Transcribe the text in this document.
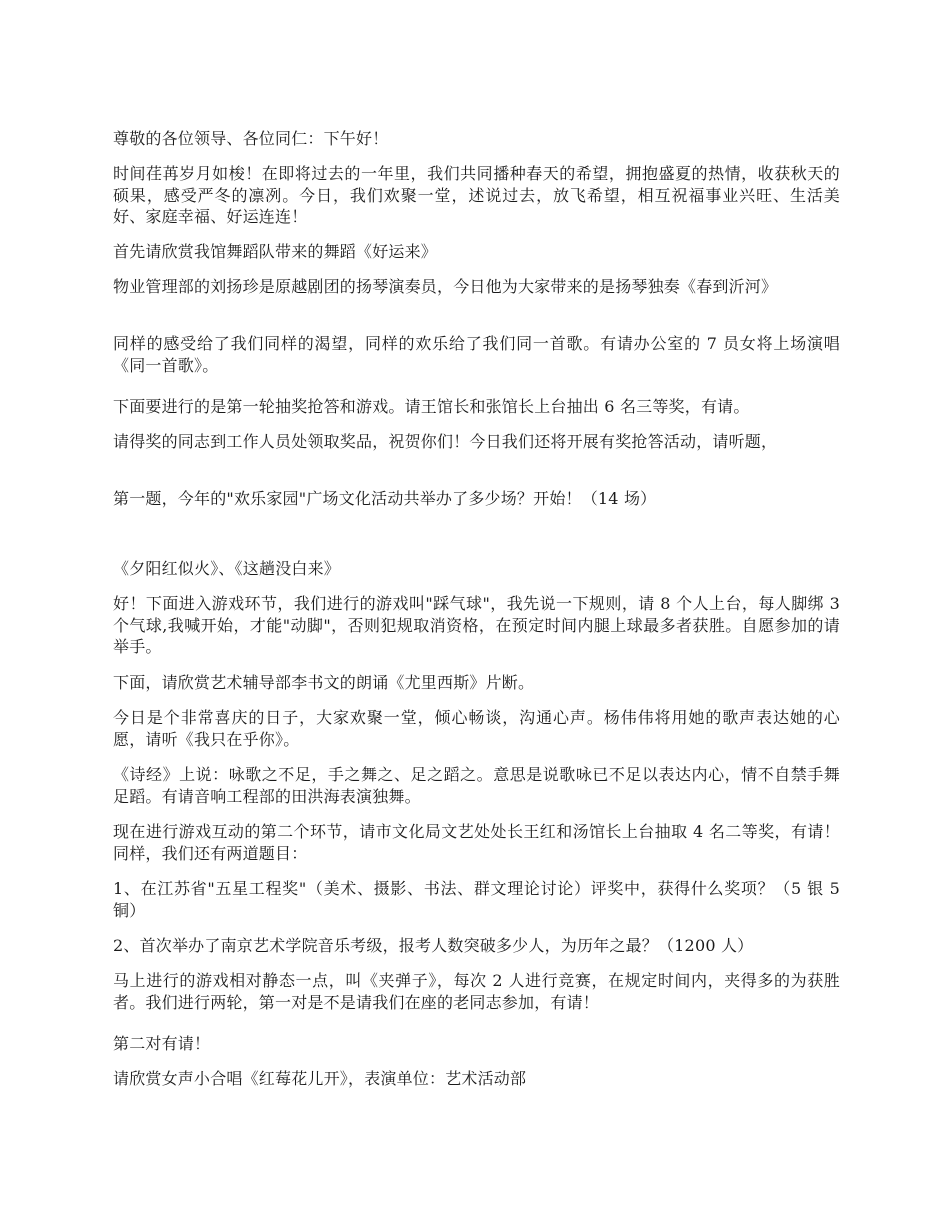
尊敬的各位领导、各位同仁：下午好！

时间荏苒岁月如梭！在即将过去的一年里，我们共同播种春天的希望，拥抱盛夏的热情，收获秋天的硕果，感受严冬的凛冽。今日，我们欢聚一堂，述说过去，放飞希望，相互祝福事业兴旺、生活美好、家庭幸福、好运连连！

首先请欣赏我馆舞蹈队带来的舞蹈《好运来》

物业管理部的刘扬珍是原越剧团的扬琴演奏员，今日他为大家带来的是扬琴独奏《春到沂河》

同样的感受给了我们同样的渴望，同样的欢乐给了我们同一首歌。有请办公室的 7 员女将上场演唱《同一首歌》。

下面要进行的是第一轮抽奖抢答和游戏。请王馆长和张馆长上台抽出 6 名三等奖，有请。

请得奖的同志到工作人员处领取奖品，祝贺你们！今日我们还将开展有奖抢答活动，请听题，

第一题，今年的"欢乐家园"广场文化活动共举办了多少场？开始！（14 场）

《夕阳红似火》、《这趟没白来》

好！下面进入游戏环节，我们进行的游戏叫"踩气球"，我先说一下规则，请 8 个人上台，每人脚绑 3 个气球,我喊开始，才能"动脚"，否则犯规取消资格，在预定时间内腿上球最多者获胜。自愿参加的请举手。

下面，请欣赏艺术辅导部李书文的朗诵《尤里西斯》片断。

今日是个非常喜庆的日子，大家欢聚一堂，倾心畅谈，沟通心声。杨伟伟将用她的歌声表达她的心愿，请听《我只在乎你》。

《诗经》上说：咏歌之不足，手之舞之、足之蹈之。意思是说歌咏已不足以表达内心，情不自禁手舞足蹈。有请音响工程部的田洪海表演独舞。

现在进行游戏互动的第二个环节，请市文化局文艺处处长王红和汤馆长上台抽取 4 名二等奖，有请！同样，我们还有两道题目：

1、在江苏省"五星工程奖"（美术、摄影、书法、群文理论讨论）评奖中，获得什么奖项？（5 银 5 铜）

2、首次举办了南京艺术学院音乐考级，报考人数突破多少人，为历年之最？（1200 人）

马上进行的游戏相对静态一点，叫《夹弹子》，每次 2 人进行竞赛，在规定时间内，夹得多的为获胜者。我们进行两轮，第一对是不是请我们在座的老同志参加，有请！

第二对有请！

请欣赏女声小合唱《红莓花儿开》，表演单位：艺术活动部
